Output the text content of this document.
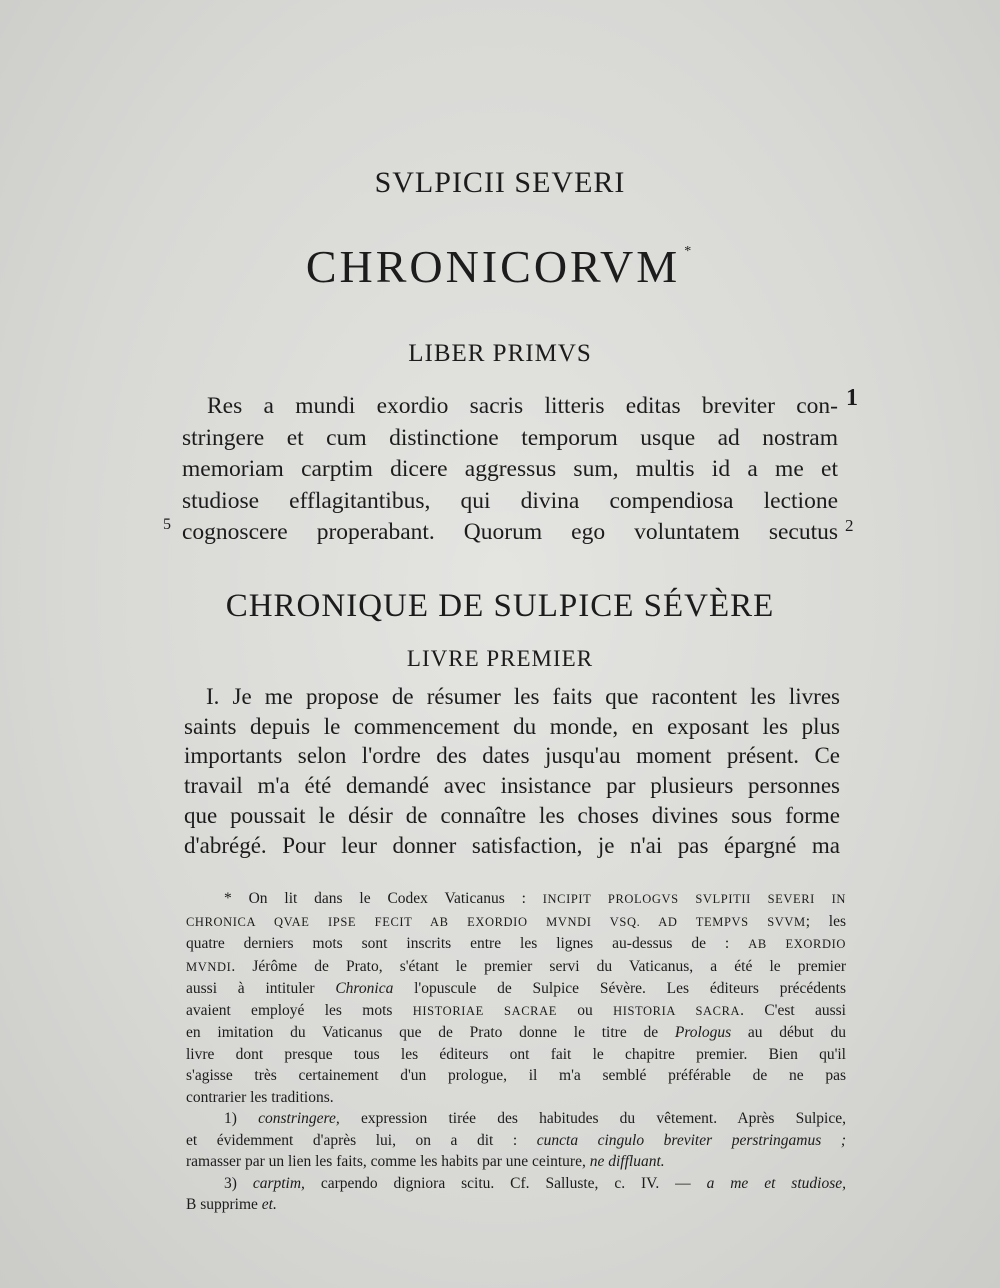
SVLPICII SEVERI
CHRONICORVM *
LIBER PRIMVS
Res a mundi exordio sacris litteris editas breviter con-
stringere et cum distinctione temporum usque ad nostram
memoriam carptim dicere aggressus sum, multis id a me et
studiose efflagitantibus, qui divina compendiosa lectione
cognoscere properabant. Quorum ego voluntatem secutus
1
2
5
CHRONIQUE DE SULPICE SÉVÈRE
LIVRE PREMIER
I. Je me propose de résumer les faits que racontent les livres
saints depuis le commencement du monde, en exposant les plus
importants selon l'ordre des dates jusqu'au moment présent. Ce
travail m'a été demandé avec insistance par plusieurs personnes
que poussait le désir de connaître les choses divines sous forme
d'abrégé. Pour leur donner satisfaction, je n'ai pas épargné ma
* On lit dans le Codex Vaticanus : INCIPIT PROLOGVS SVLPITII SEVERI IN
CHRONICA QVAE IPSE FECIT AB EXORDIO MVNDI VSQ. AD TEMPVS SVVM; les
quatre derniers mots sont inscrits entre les lignes au-dessus de : AB EXORDIO
MVNDI. Jérôme de Prato, s'étant le premier servi du Vaticanus, a été le premier
aussi à intituler Chronica l'opuscule de Sulpice Sévère. Les éditeurs précédents
avaient employé les mots HISTORIAE SACRAE ou HISTORIA SACRA. C'est aussi
en imitation du Vaticanus que de Prato donne le titre de Prologus au début du
livre dont presque tous les éditeurs ont fait le chapitre premier. Bien qu'il
s'agisse très certainement d'un prologue, il m'a semblé préférable de ne pas
contrarier les traditions.
1) constringere, expression tirée des habitudes du vêtement. Après Sulpice,
et évidemment d'après lui, on a dit : cuncta cingulo breviter perstringamus ;
ramasser par un lien les faits, comme les habits par une ceinture, ne diffluant.
3) carptim, carpendo digniora scitu. Cf. Salluste, c. IV. — a me et studiose,
B supprime et.
